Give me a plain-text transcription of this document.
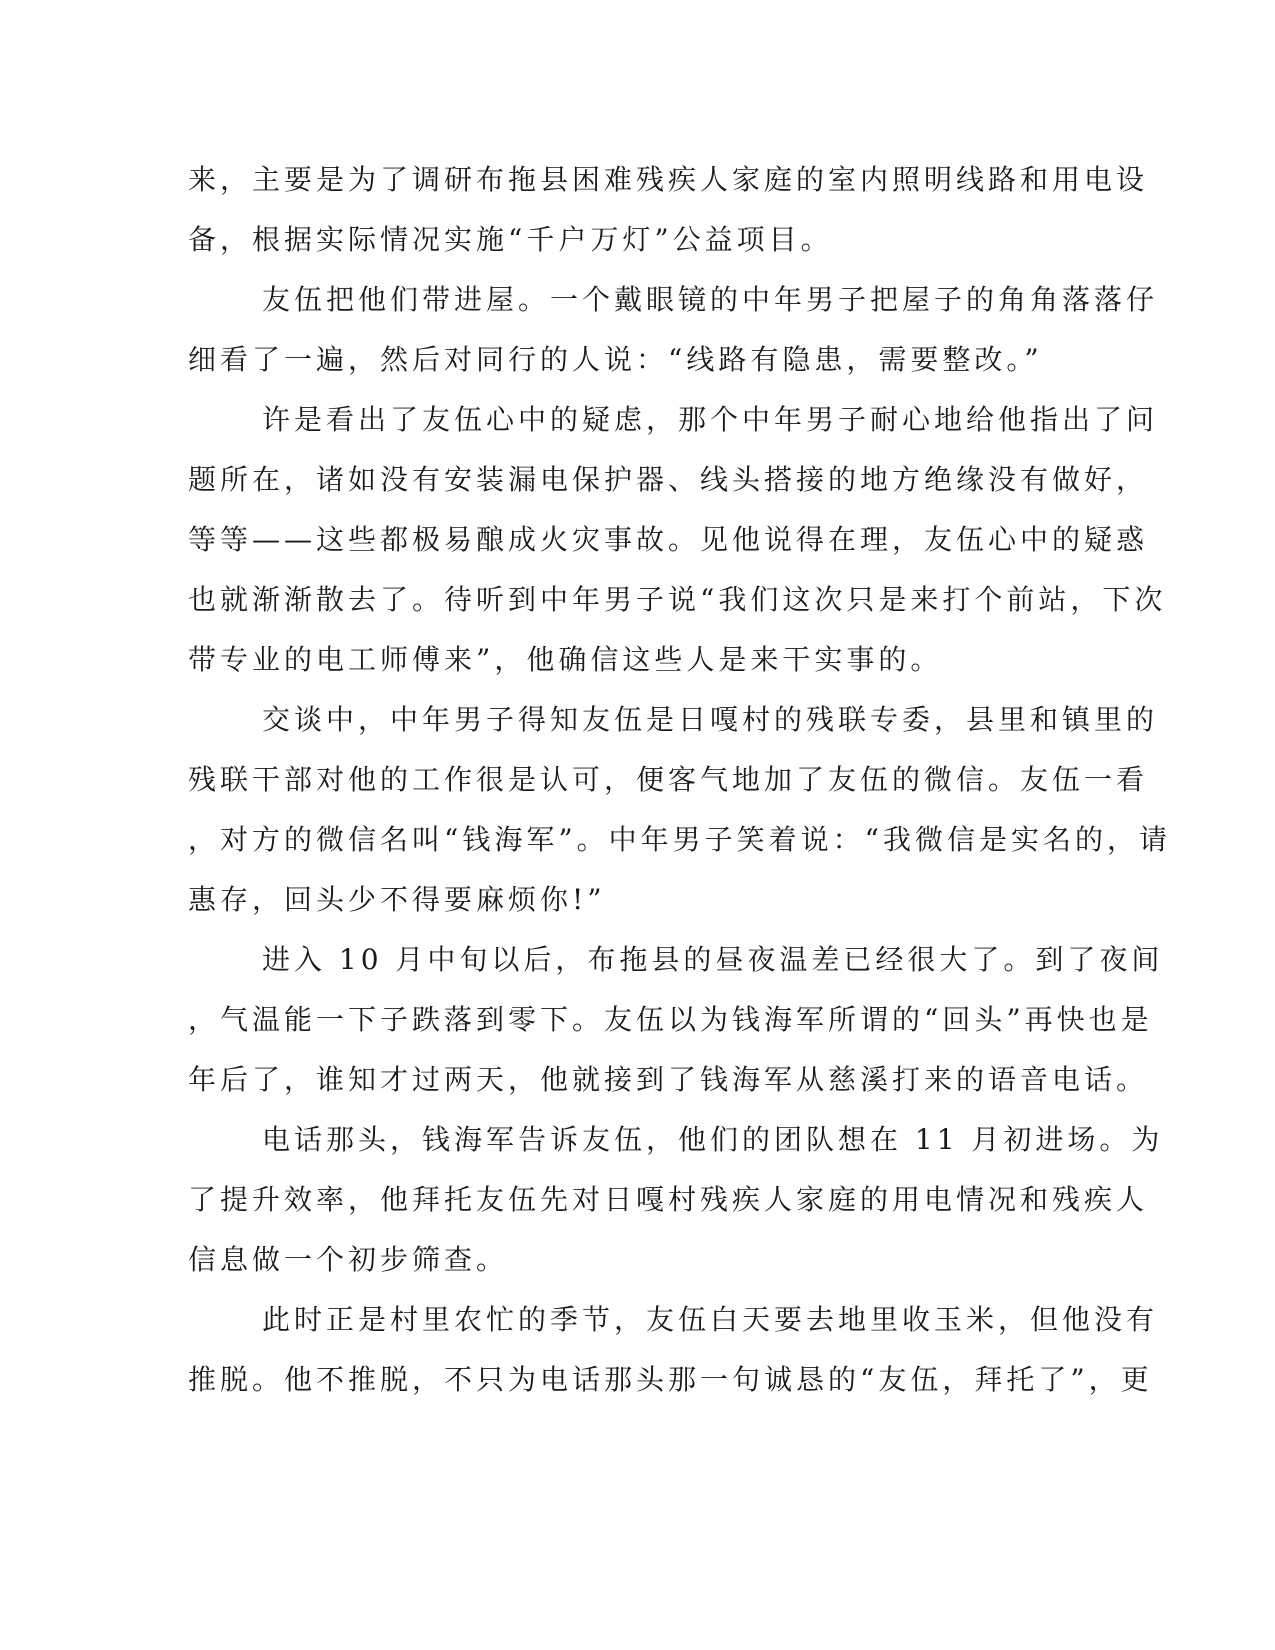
来，主要是为了调研布拖县困难残疾人家庭的室内照明线路和用电设
备，根据实际情况实施“千户万灯”公益项目。
友伍把他们带进屋。一个戴眼镜的中年男子把屋子的角角落落仔
细看了一遍，然后对同行的人说：“线路有隐患，需要整改。”
许是看出了友伍心中的疑虑，那个中年男子耐心地给他指出了问
题所在，诸如没有安装漏电保护器、线头搭接的地方绝缘没有做好，
等等——这些都极易酿成火灾事故。见他说得在理，友伍心中的疑惑
也就渐渐散去了。待听到中年男子说“我们这次只是来打个前站，下次
带专业的电工师傅来”，他确信这些人是来干实事的。
交谈中，中年男子得知友伍是日嘎村的残联专委，县里和镇里的
残联干部对他的工作很是认可，便客气地加了友伍的微信。友伍一看
，对方的微信名叫“钱海军”。中年男子笑着说：“我微信是实名的，请
惠存，回头少不得要麻烦你!”
进入 10 月中旬以后，布拖县的昼夜温差已经很大了。到了夜间
，气温能一下子跌落到零下。友伍以为钱海军所谓的“回头”再快也是
年后了，谁知才过两天，他就接到了钱海军从慈溪打来的语音电话。
电话那头，钱海军告诉友伍，他们的团队想在 11 月初进场。为
了提升效率，他拜托友伍先对日嘎村残疾人家庭的用电情况和残疾人
信息做一个初步筛查。
此时正是村里农忙的季节，友伍白天要去地里收玉米，但他没有
推脱。他不推脱，不只为电话那头那一句诚恳的“友伍，拜托了”，更
